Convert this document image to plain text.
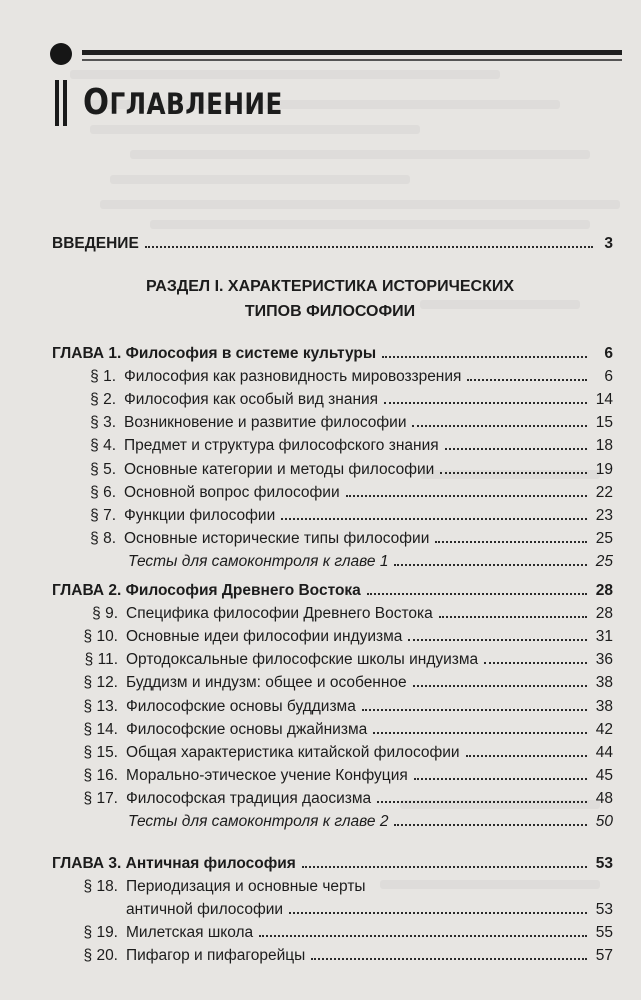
ОГЛАВЛЕНИЕ
ВВЕДЕНИЕ	3

РАЗДЕЛ I. ХАРАКТЕРИСТИКА ИСТОРИЧЕСКИХ

ТИПОВ ФИЛОСОФИИ

ГЛАВА 1. Философия в системе культуры	6
§ 1. Философия как разновидность мировоззрения	6
§ 2. Философия как особый вид знания	14
§ 3. Возникновение и развитие философии	15
§ 4. Предмет и структура философского знания	18
§ 5. Основные категории и методы философии	19
§ 6. Основной вопрос философии	22
§ 7. Функции философии	23
§ 8. Основные исторические типы философии	25
Тесты для самоконтроля к главе 1	25
ГЛАВА 2. Философия Древнего Востока	28
§ 9. Специфика философии Древнего Востока	28
§ 10. Основные идеи философии индуизма	31
§ 11. Ортодоксальные философские школы индуизма	36
§ 12. Буддизм и индузм: общее и особенное	38
§ 13. Философские основы буддизма	38
§ 14. Философские основы джайнизма	42
§ 15. Общая характеристика китайской философии	44
§ 16. Морально-этическое учение Конфуция	45
§ 17. Философская традиция даосизма	48
Тесты для самоконтроля к главе 2	50
ГЛАВА 3. Античная философия	53
§ 18. Периодизация и основные черты
античной философии	53
§ 19. Милетская школа	55
§ 20. Пифагор и пифагорейцы	57
